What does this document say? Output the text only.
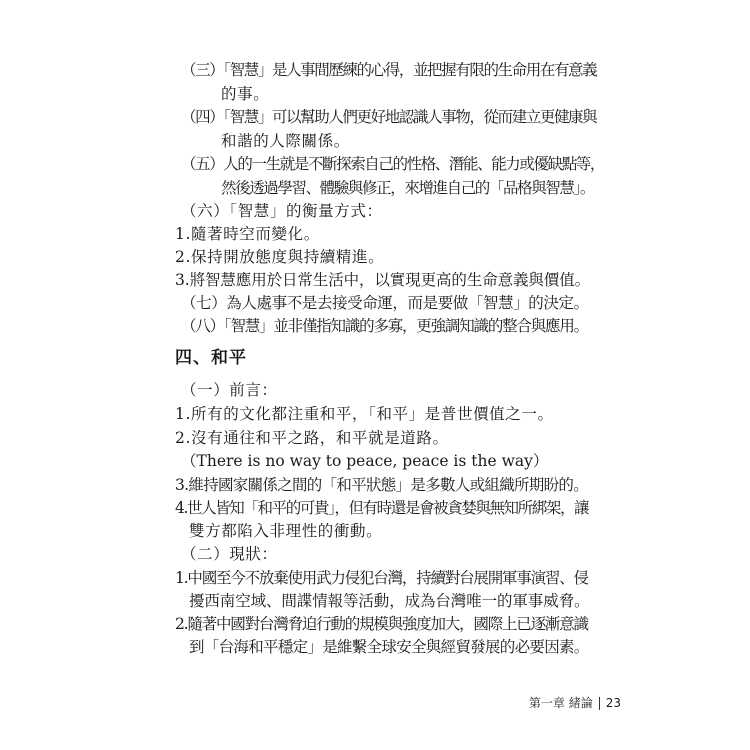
（三）「智慧」是人事間歷練的心得，並把握有限的生命用在有意義
的事。
（四）「智慧」可以幫助人們更好地認識人事物，從而建立更健康與
和諧的人際關係。
（五）人的一生就是不斷探索自己的性格、潛能、能力或優缺點等，
然後透過學習、體驗與修正，來增進自己的「品格與智慧」。
（六）「智慧」的衡量方式：
1.隨著時空而變化。
2.保持開放態度與持續精進。
3.將智慧應用於日常生活中，以實現更高的生命意義與價值。
（七）為人處事不是去接受命運，而是要做「智慧」的決定。
（八）「智慧」並非僅指知識的多寡，更強調知識的整合與應用。
四、和平
（一）前言：
1.所有的文化都注重和平，「和平」是普世價值之一。
2.沒有通往和平之路，和平就是道路。
（There is no way to peace, peace is the way）
3.維持國家關係之間的「和平狀態」是多數人或組織所期盼的。
4.世人皆知「和平的可貴」，但有時還是會被貪婪與無知所綁架，讓
雙方都陷入非理性的衝動。
（二）現狀：
1.中國至今不放棄使用武力侵犯台灣，持續對台展開軍事演習、侵
擾西南空域、間諜情報等活動，成為台灣唯一的軍事威脅。
2.隨著中國對台灣脅迫行動的規模與強度加大，國際上已逐漸意識
到「台海和平穩定」是維繫全球安全與經貿發展的必要因素。
第一章 緒論 23
